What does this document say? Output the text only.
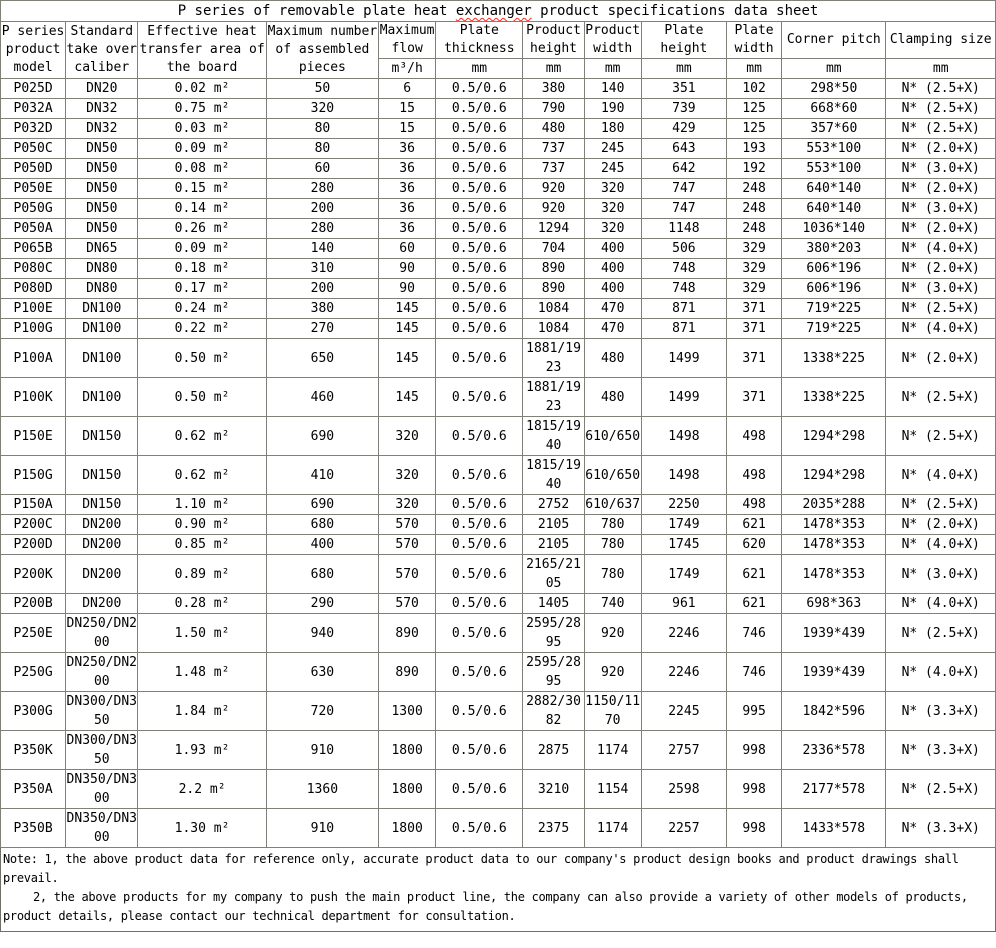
P series of removable plate heat exchanger product specifications data sheet											
P series product model	Standard take over caliber	Effective heat transfer area of the board	Maximum number of assembled pieces	Maximum flow	Plate thickness	Product height	Product width	Plate height	Plate width	Corner pitch	Clamping size
				m³/h	mm	mm	mm	mm	mm	mm	mm
P025D	DN20	0.02 m²	50	6	0.5/0.6	380	140	351	102	298*50	N* (2.5+X)
P032A	DN32	0.75 m²	320	15	0.5/0.6	790	190	739	125	668*60	N* (2.5+X)
P032D	DN32	0.03 m²	80	15	0.5/0.6	480	180	429	125	357*60	N* (2.5+X)
P050C	DN50	0.09 m²	80	36	0.5/0.6	737	245	643	193	553*100	N* (2.0+X)
P050D	DN50	0.08 m²	60	36	0.5/0.6	737	245	642	192	553*100	N* (3.0+X)
P050E	DN50	0.15 m²	280	36	0.5/0.6	920	320	747	248	640*140	N* (2.0+X)
P050G	DN50	0.14 m²	200	36	0.5/0.6	920	320	747	248	640*140	N* (3.0+X)
P050A	DN50	0.26 m²	280	36	0.5/0.6	1294	320	1148	248	1036*140	N* (2.0+X)
P065B	DN65	0.09 m²	140	60	0.5/0.6	704	400	506	329	380*203	N* (4.0+X)
P080C	DN80	0.18 m²	310	90	0.5/0.6	890	400	748	329	606*196	N* (2.0+X)
P080D	DN80	0.17 m²	200	90	0.5/0.6	890	400	748	329	606*196	N* (3.0+X)
P100E	DN100	0.24 m²	380	145	0.5/0.6	1084	470	871	371	719*225	N* (2.5+X)
P100G	DN100	0.22 m²	270	145	0.5/0.6	1084	470	871	371	719*225	N* (4.0+X)
P100A	DN100	0.50 m²	650	145	0.5/0.6	1881/1923	480	1499	371	1338*225	N* (2.0+X)
P100K	DN100	0.50 m²	460	145	0.5/0.6	1881/1923	480	1499	371	1338*225	N* (2.5+X)
P150E	DN150	0.62 m²	690	320	0.5/0.6	1815/1940	610/650	1498	498	1294*298	N* (2.5+X)
P150G	DN150	0.62 m²	410	320	0.5/0.6	1815/1940	610/650	1498	498	1294*298	N* (4.0+X)
P150A	DN150	1.10 m²	690	320	0.5/0.6	2752	610/637	2250	498	2035*288	N* (2.5+X)
P200C	DN200	0.90 m²	680	570	0.5/0.6	2105	780	1749	621	1478*353	N* (2.0+X)
P200D	DN200	0.85 m²	400	570	0.5/0.6	2105	780	1745	620	1478*353	N* (4.0+X)
P200K	DN200	0.89 m²	680	570	0.5/0.6	2165/2105	780	1749	621	1478*353	N* (3.0+X)
P200B	DN200	0.28 m²	290	570	0.5/0.6	1405	740	961	621	698*363	N* (4.0+X)
P250E	DN250/DN200	1.50 m²	940	890	0.5/0.6	2595/2895	920	2246	746	1939*439	N* (2.5+X)
P250G	DN250/DN200	1.48 m²	630	890	0.5/0.6	2595/2895	920	2246	746	1939*439	N* (4.0+X)
P300G	DN300/DN350	1.84 m²	720	1300	0.5/0.6	2882/3082	1150/1170	2245	995	1842*596	N* (3.3+X)
P350K	DN300/DN350	1.93 m²	910	1800	0.5/0.6	2875	1174	2757	998	2336*578	N* (3.3+X)
P350A	DN350/DN300	2.2 m²	1360	1800	0.5/0.6	3210	1154	2598	998	2177*578	N* (2.5+X)
P350B	DN350/DN300	1.30 m²	910	1800	0.5/0.6	2375	1174	2257	998	1433*578	N* (3.3+X)

Note: 1, the above product data for reference only, accurate product data to our company's product design books and product drawings shall prevail.

2, the above products for my company to push the main product line, the company can also provide a variety of other models of products, product details, please contact our technical department for consultation.
